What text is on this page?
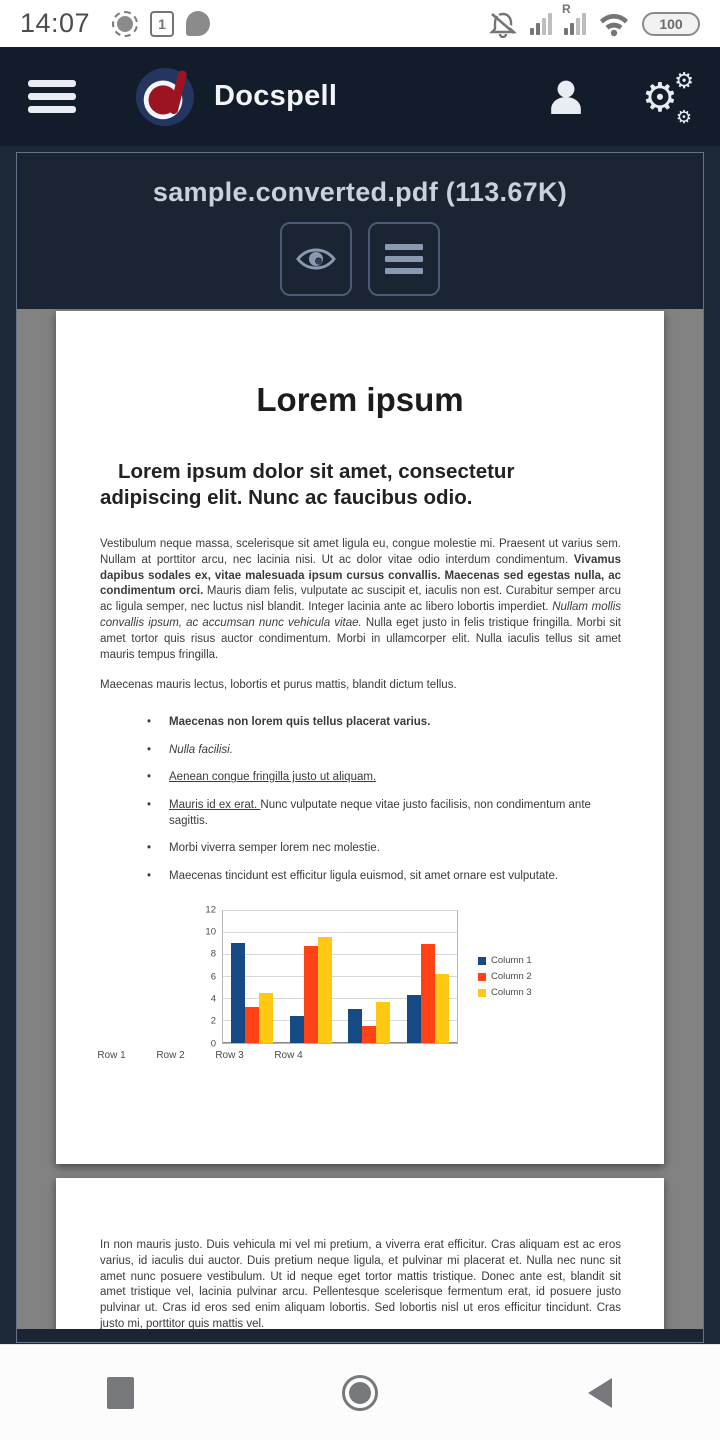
14:07	1
R
100
Docspell	⚙
⚙
⚙
sample.converted.pdf (113.67K)
Lorem ipsum
Lorem ipsum dolor sit amet, consectetur adipiscing elit. Nunc ac faucibus odio.
Vestibulum neque massa, scelerisque sit amet ligula eu, congue molestie mi. Praesent ut varius sem. Nullam at porttitor arcu, nec lacinia nisi. Ut ac dolor vitae odio interdum condimentum. Vivamus dapibus sodales ex, vitae malesuada ipsum cursus convallis. Maecenas sed egestas nulla, ac condimentum orci. Mauris diam felis, vulputate ac suscipit et, iaculis non est. Curabitur semper arcu ac ligula semper, nec luctus nisl blandit. Integer lacinia ante ac libero lobortis imperdiet. Nullam mollis convallis ipsum, ac accumsan nunc vehicula vitae. Nulla eget justo in felis tristique fringilla. Morbi sit amet tortor quis risus auctor condimentum. Morbi in ullamcorper elit. Nulla iaculis tellus sit amet mauris tempus fringilla.
Maecenas mauris lectus, lobortis et purus mattis, blandit dictum tellus.
• Maecenas non lorem quis tellus placerat varius.
• Nulla facilisi.
• Aenean congue fringilla justo ut aliquam.
• Mauris id ex erat. Nunc vulputate neque vitae justo facilisis, non condimentum ante sagittis.
• Morbi viverra semper lorem nec molestie.
• Maecenas tincidunt est efficitur ligula euismod, sit amet ornare est vulputate.
0
2
4
6
8
10
12
Column 1
Column 2
Column 3
Row 1	Row 2	Row 3	Row 4
In non mauris justo. Duis vehicula mi vel mi pretium, a viverra erat efficitur. Cras aliquam est ac eros varius, id iaculis dui auctor. Duis pretium neque ligula, et pulvinar mi placerat et. Nulla nec nunc sit amet nunc posuere vestibulum. Ut id neque eget tortor mattis tristique. Donec ante est, blandit sit amet tristique vel, lacinia pulvinar arcu. Pellentesque scelerisque fermentum erat, id posuere justo pulvinar ut. Cras id eros sed enim aliquam lobortis. Sed lobortis nisl ut eros efficitur tincidunt. Cras justo mi, porttitor quis mattis vel.
